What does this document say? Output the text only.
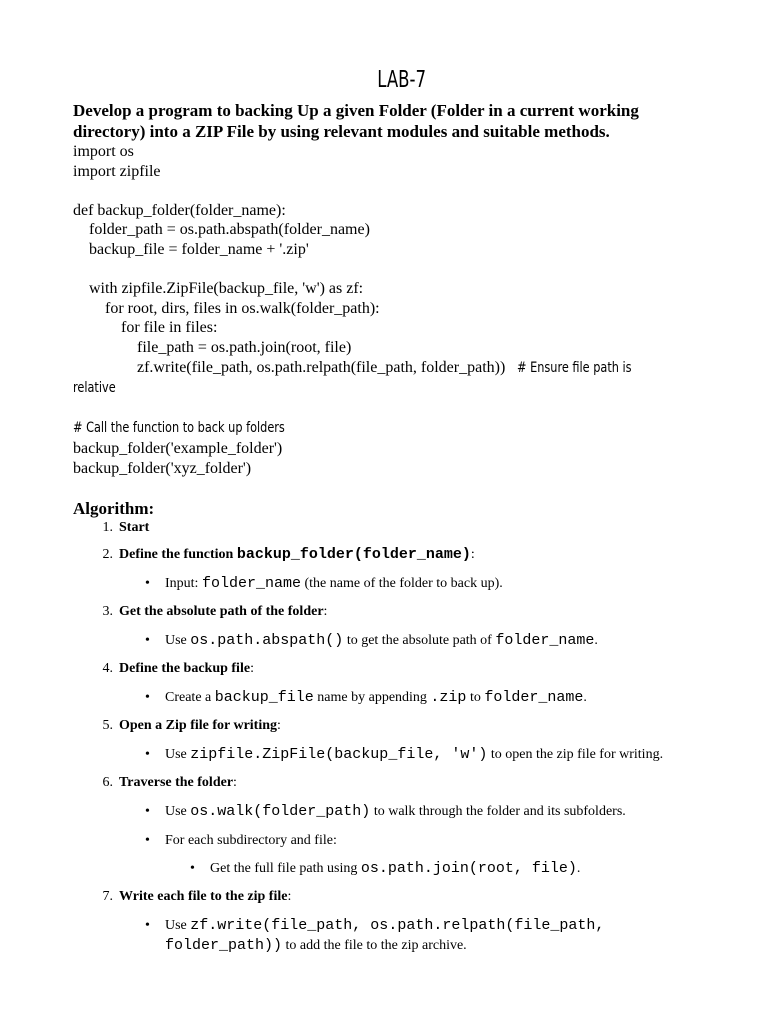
LAB-7

Develop a program to backing Up a given Folder (Folder in a current working directory) into a ZIP File by using relevant modules and suitable methods.

import os
import zipfile
def backup_folder(folder_name):
folder_path = os.path.abspath(folder_name)
backup_file = folder_name + '.zip'
with zipfile.ZipFile(backup_file, 'w') as zf:
for root, dirs, files in os.walk(folder_path):
for file in files:
file_path = os.path.join(root, file)
zf.write(file_path, os.path.relpath(file_path, folder_path)) # Ensure file path is
relative
# Call the function to back up folders
backup_folder('example_folder')
backup_folder('xyz_folder')
Algorithm:
1. Start
2. Define the function backup_folder(folder_name):
• Input: folder_name (the name of the folder to back up).
3. Get the absolute path of the folder:
• Use os.path.abspath() to get the absolute path of folder_name.
4. Define the backup file:
• Create a backup_file name by appending .zip to folder_name.
5. Open a Zip file for writing:
• Use zipfile.ZipFile(backup_file, 'w') to open the zip file for writing.
6. Traverse the folder:
• Use os.walk(folder_path) to walk through the folder and its subfolders.
• For each subdirectory and file:
• Get the full file path using os.path.join(root, file).
7. Write each file to the zip file:
• Use zf.write(file_path, os.path.relpath(file_path,
folder_path)) to add the file to the zip archive.
